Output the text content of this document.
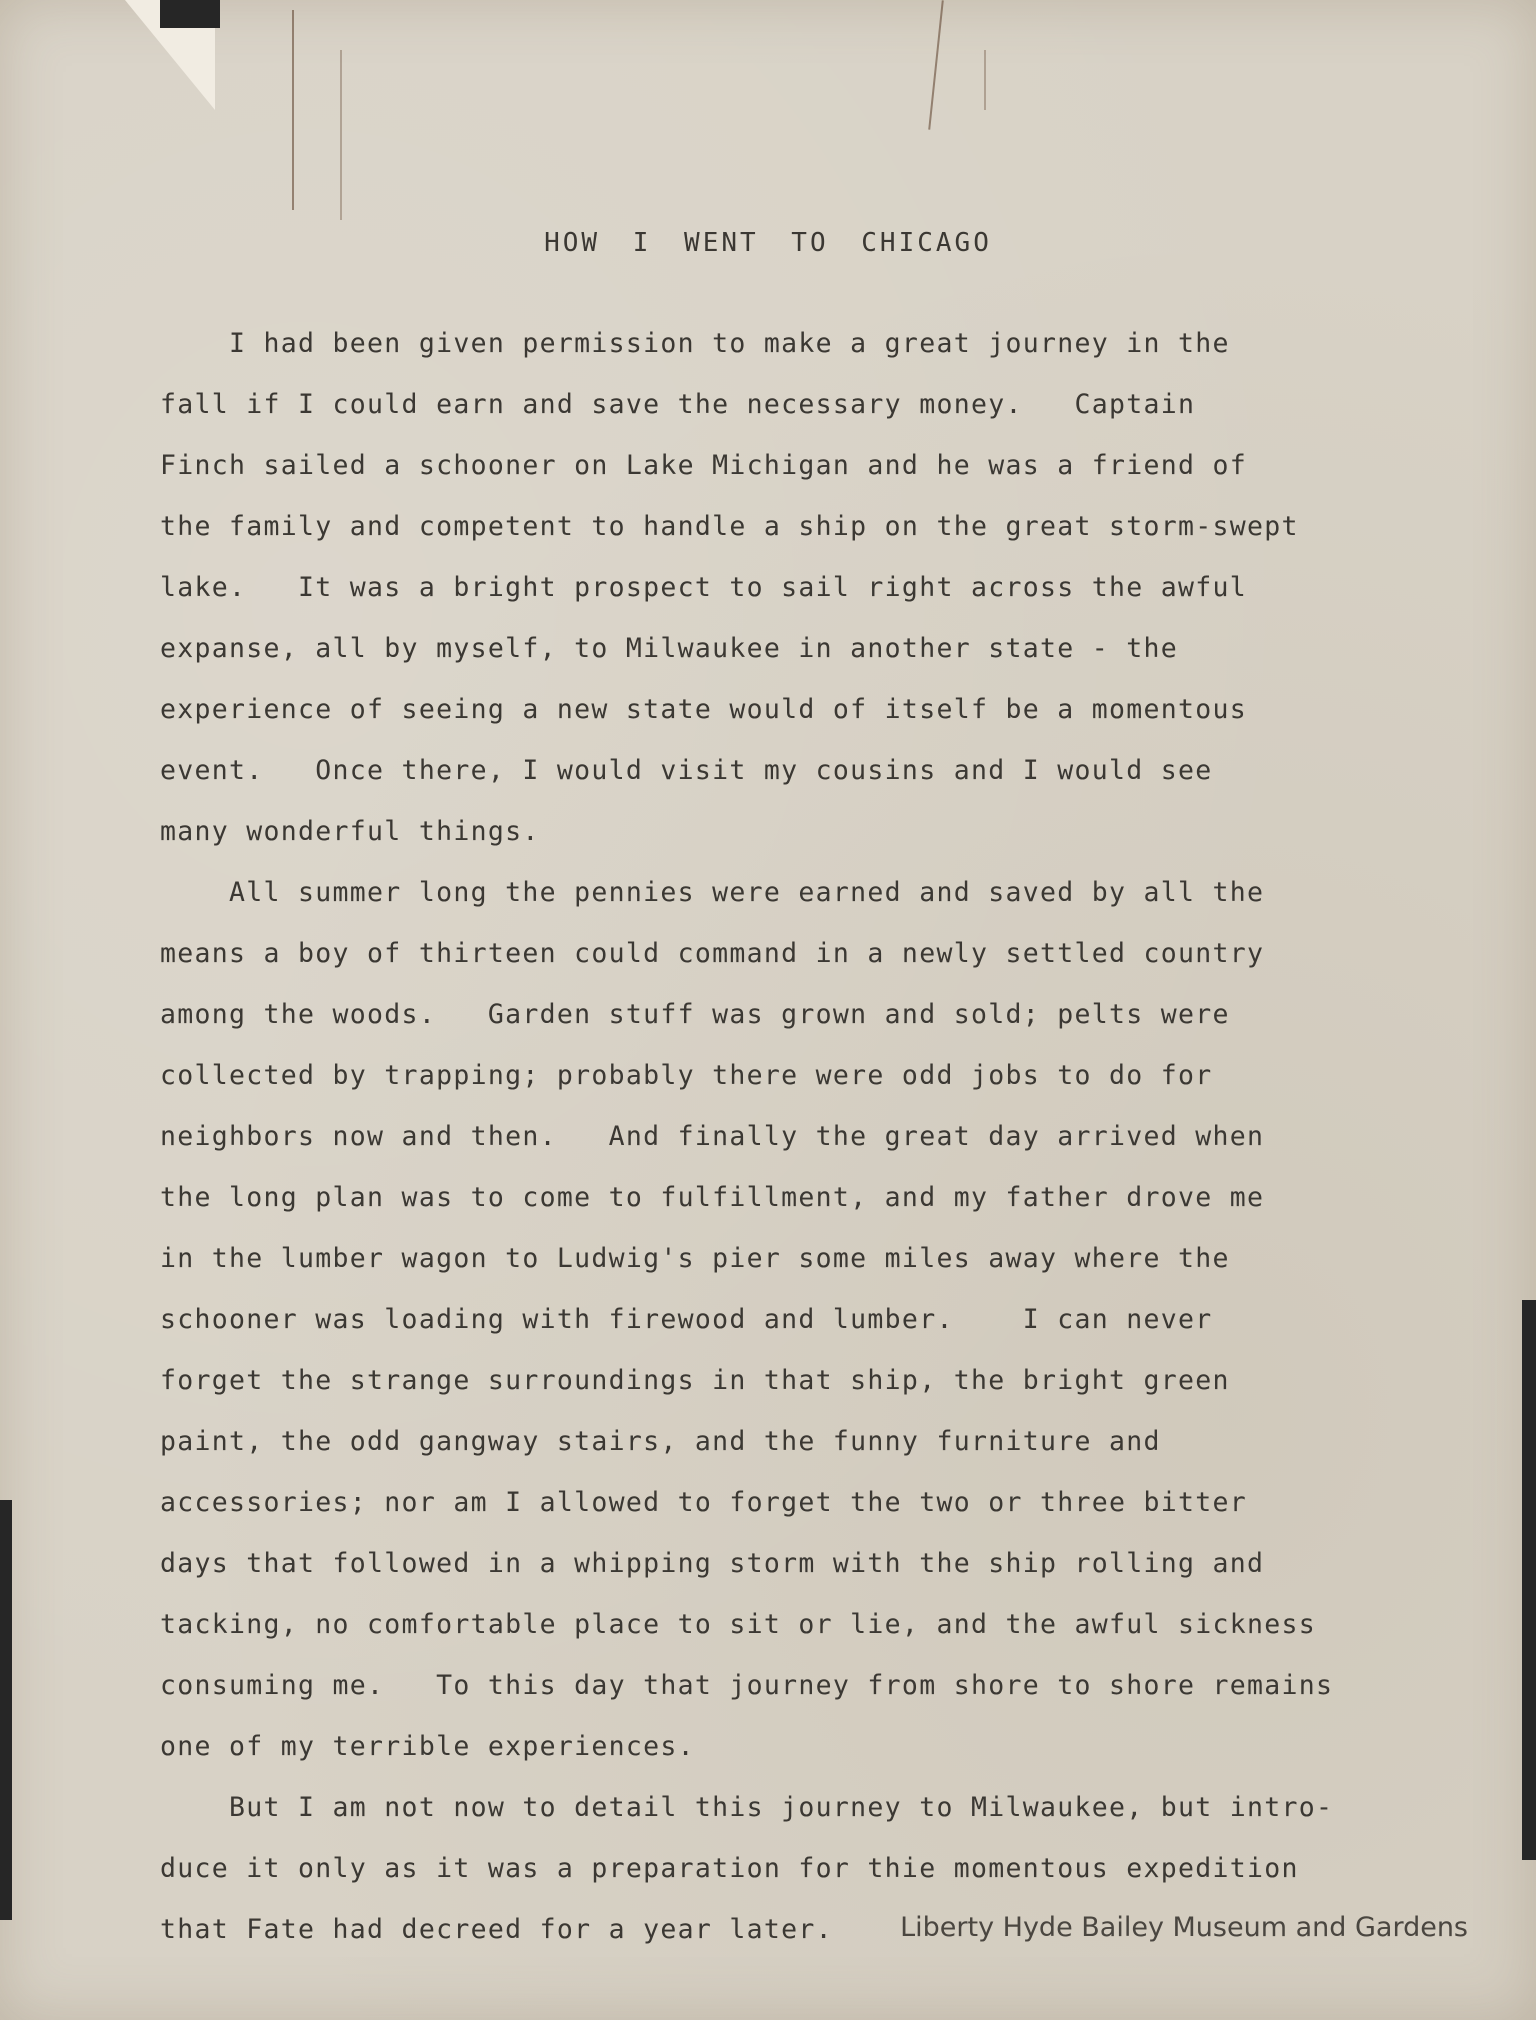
HOW I WENT TO CHICAGO
I had been given permission to make a great journey in the
fall if I could earn and save the necessary money.   Captain
Finch sailed a schooner on Lake Michigan and he was a friend of
the family and competent to handle a ship on the great storm-swept
lake.   It was a bright prospect to sail right across the awful
expanse, all by myself, to Milwaukee in another state - the
experience of seeing a new state would of itself be a momentous
event.   Once there, I would visit my cousins and I would see
many wonderful things.
All summer long the pennies were earned and saved by all the
means a boy of thirteen could command in a newly settled country
among the woods.   Garden stuff was grown and sold; pelts were
collected by trapping; probably there were odd jobs to do for
neighbors now and then.   And finally the great day arrived when
the long plan was to come to fulfillment, and my father drove me
in the lumber wagon to Ludwig's pier some miles away where the
schooner was loading with firewood and lumber.    I can never
forget the strange surroundings in that ship, the bright green
paint, the odd gangway stairs, and the funny furniture and
accessories; nor am I allowed to forget the two or three bitter
days that followed in a whipping storm with the ship rolling and
tacking, no comfortable place to sit or lie, and the awful sickness
consuming me.   To this day that journey from shore to shore remains
one of my terrible experiences.
But I am not now to detail this journey to Milwaukee, but intro-
duce it only as it was a preparation for thie momentous expedition
that Fate had decreed for a year later.	Liberty Hyde Bailey Museum and Gardens
